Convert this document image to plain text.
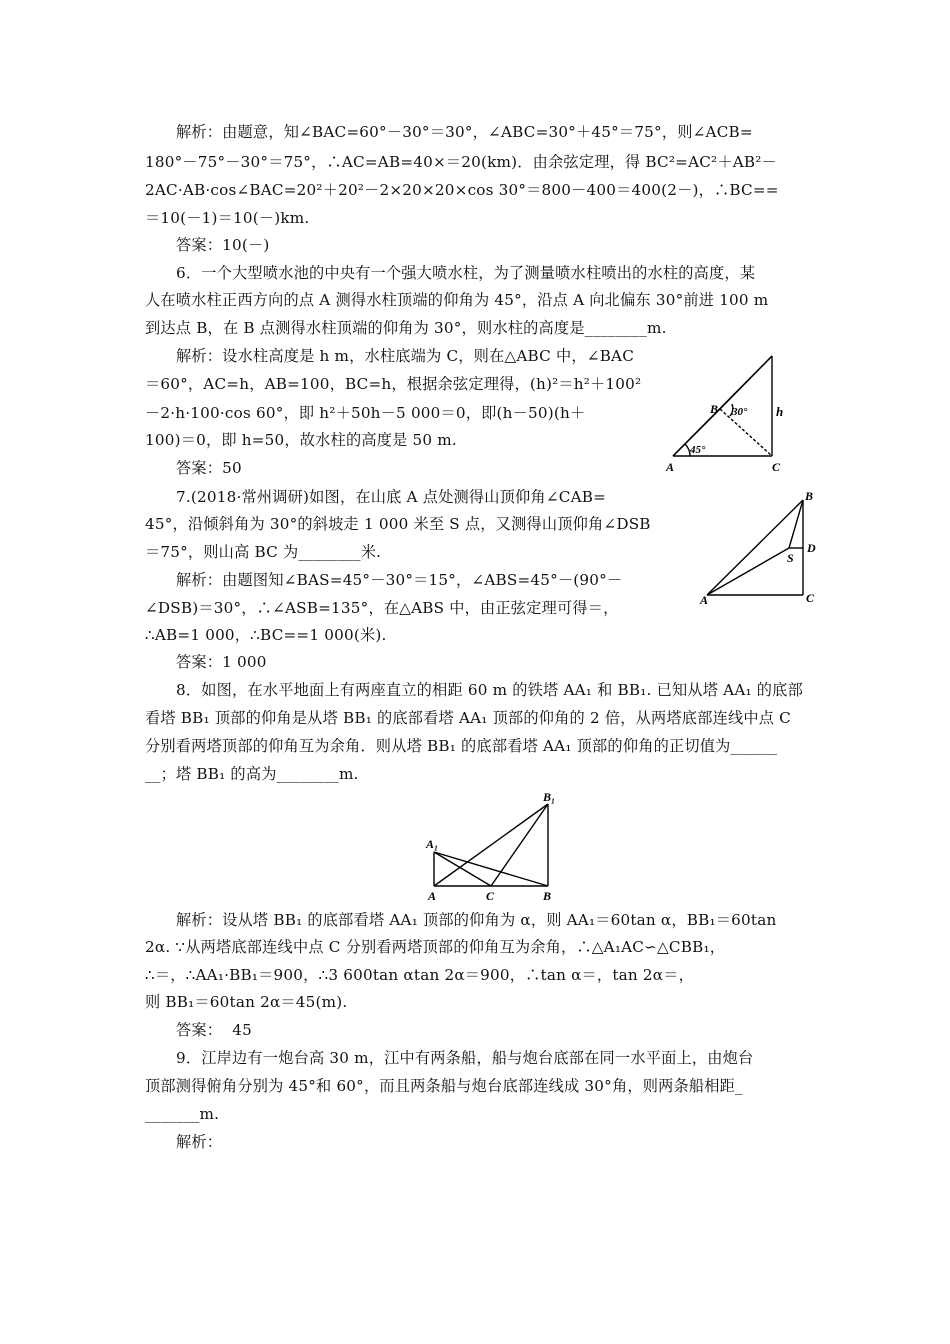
解析：由题意，知∠BAC=60°－30°＝30°，∠ABC=30°＋45°＝75°，则∠ACB=
180°－75°－30°＝75°，∴AC=AB=40×＝20(km)．由余弦定理，得 BC²=AC²＋AB²－
2AC·AB·cos∠BAC=20²＋20²－2×20×20×cos 30°＝800－400＝400(2－)，∴BC==
＝10(－1)＝10(－)km.
答案：10(－)
6．一个大型喷水池的中央有一个强大喷水柱，为了测量喷水柱喷出的水柱的高度，某
人在喷水柱正西方向的点 A 测得水柱顶端的仰角为 45°，沿点 A 向北偏东 30°前进 100 m
到达点 B，在 B 点测得水柱顶端的仰角为 30°，则水柱的高度是________m.
解析：设水柱高度是 h m，水柱底端为 C，则在△ABC 中，∠BAC
＝60°，AC=h，AB=100，BC=h，根据余弦定理得，(h)²＝h²＋100²
－2·h·100·cos 60°，即 h²＋50h－5 000＝0，即(h－50)(h＋
100)＝0，即 h=50，故水柱的高度是 50 m.
答案：50
7.(2018·常州调研)如图，在山底 A 点处测得山顶仰角∠CAB=
45°，沿倾斜角为 30°的斜坡走 1 000 米至 S 点，又测得山顶仰角∠DSB
＝75°，则山高 BC 为________米.
解析：由题图知∠BAS=45°－30°＝15°，∠ABS=45°－(90°－
∠DSB)＝30°，∴∠ASB=135°，在△ABS 中，由正弦定理可得＝，
∴AB=1 000，∴BC==1 000(米).
答案：1 000
8．如图，在水平地面上有两座直立的相距 60 m 的铁塔 AA₁ 和 BB₁. 已知从塔 AA₁ 的底部
看塔 BB₁ 顶部的仰角是从塔 BB₁ 的底部看塔 AA₁ 顶部的仰角的 2 倍，从两塔底部连线中点 C
分别看两塔顶部的仰角互为余角．则从塔 BB₁ 的底部看塔 AA₁ 顶部的仰角的正切值为______
__；塔 BB₁ 的高为________m.
解析：设从塔 BB₁ 的底部看塔 AA₁ 顶部的仰角为 α，则 AA₁＝60tan α，BB₁＝60tan
2α. ∵从两塔底部连线中点 C 分别看两塔顶部的仰角互为余角，∴△A₁AC∽△CBB₁，
∴＝，∴AA₁·BB₁＝900，∴3 600tan αtan 2α＝900，∴tan α＝，tan 2α＝，
则 BB₁＝60tan 2α＝45(m).
答案：  45
9．江岸边有一炮台高 30 m，江中有两条船，船与炮台底部在同一水平面上，由炮台
顶部测得俯角分别为 45°和 60°，而且两条船与炮台底部连线成 30°角，则两条船相距_
_______m.
解析：
B 30° h
45°
A	C
B
S
D
A	C
B₁
A₁
A	C	B
